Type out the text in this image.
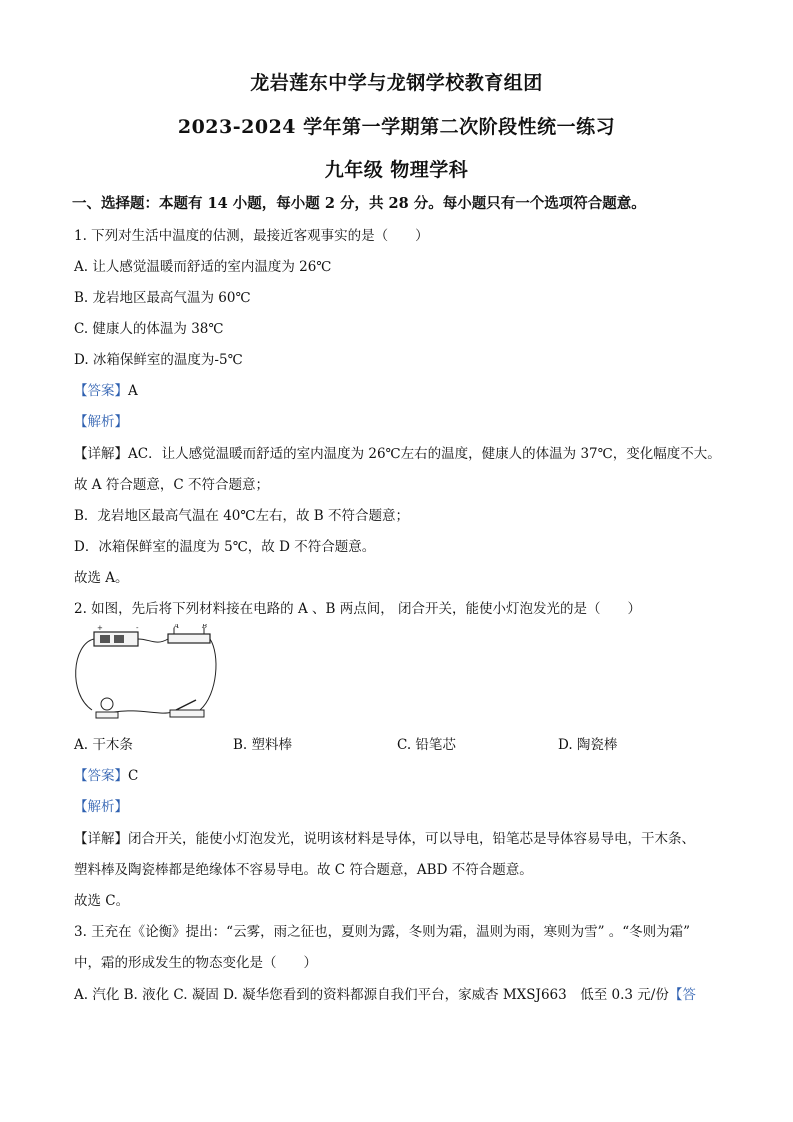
龙岩莲东中学与龙钢学校教育组团
2023-2024 学年第一学期第二次阶段性统一练习
九年级 物理学科
一、选择题：本题有 14 小题，每小题 2 分，共 28 分。每小题只有一个选项符合题意。
1. 下列对生活中温度的估测，最接近客观事实的是（　　）
A. 让人感觉温暖而舒适的室内温度为 26℃
B. 龙岩地区最高气温为 60℃
C. 健康人的体温为 38℃
D. 冰箱保鲜室的温度为-5℃
【答案】A
【解析】
【详解】AC．让人感觉温暖而舒适的室内温度为 26℃左右的温度，健康人的体温为 37℃，变化幅度不大。
故 A 符合题意，C 不符合题意；
B．龙岩地区最高气温在 40℃左右，故 B 不符合题意；
D．冰箱保鲜室的温度为 5℃，故 D 不符合题意。
故选 A。
2. 如图，先后将下列材料接在电路的 A 、B 两点间， 闭合开关，能使小灯泡发光的是（　　）
+	-	A	B
A. 干木条	B. 塑料棒	C. 铅笔芯	D. 陶瓷棒
【答案】C
【解析】
【详解】闭合开关，能使小灯泡发光，说明该材料是导体，可以导电，铅笔芯是导体容易导电，干木条、
塑料棒及陶瓷棒都是绝缘体不容易导电。故 C 符合题意，ABD 不符合题意。
故选 C。
3. 王充在《论衡》提出：“云雾，雨之征也，夏则为露，冬则为霜，温则为雨，寒则为雪” 。“冬则为霜”
中，霜的形成发生的物态变化是（　　）
A. 汽化 B. 液化 C. 凝固 D. 凝华您看到的资料都源自我们平台，家威杏 MXSJ663　低至 0.3 元/份【答
